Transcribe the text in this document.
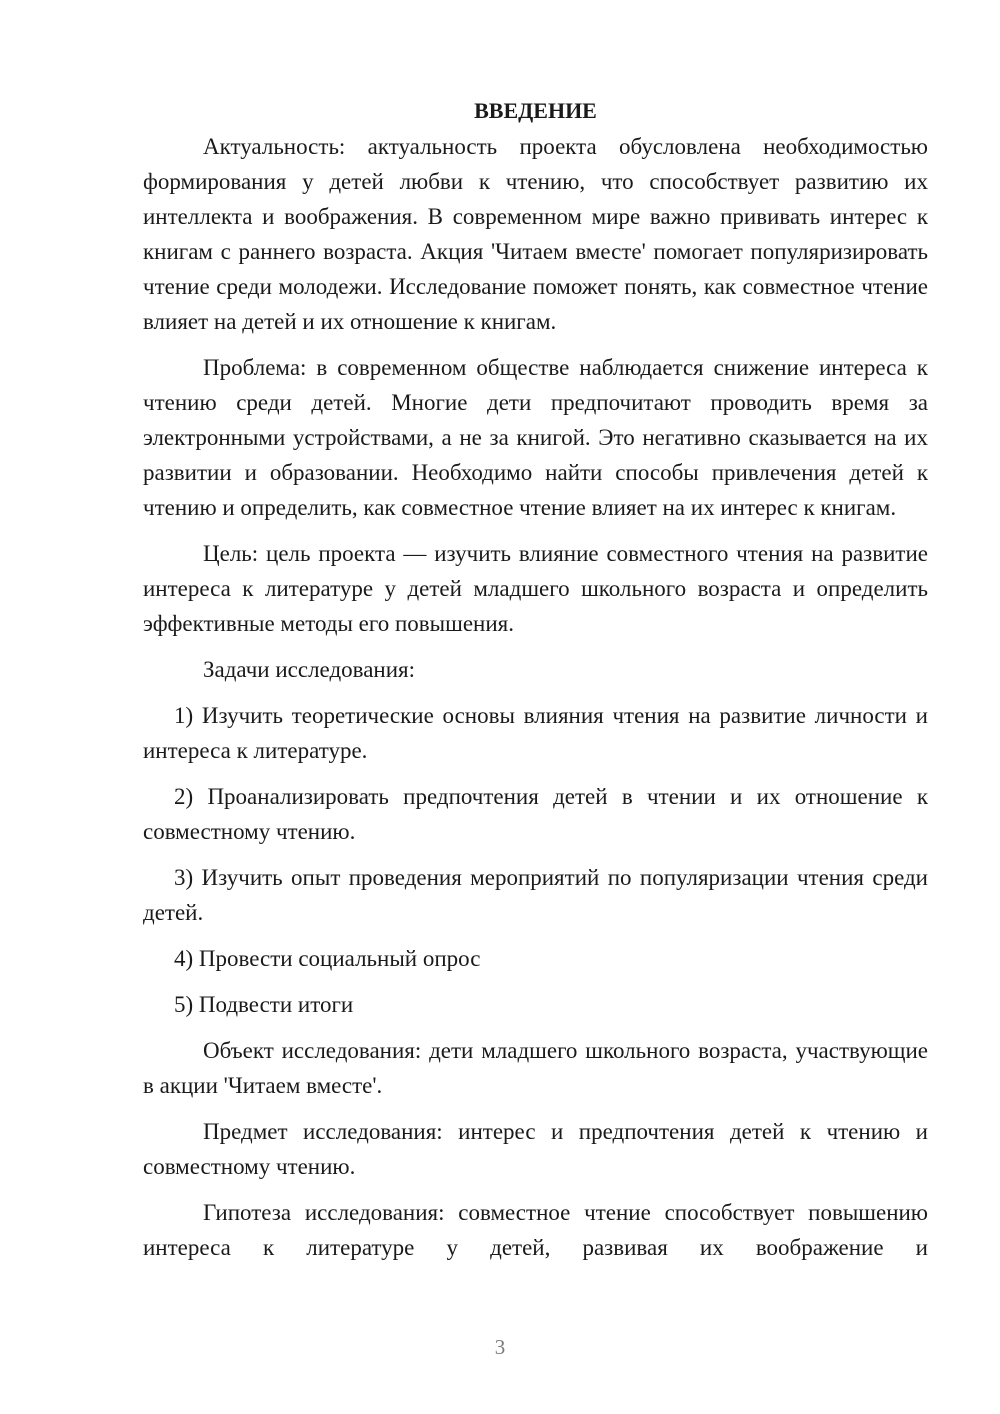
ВВЕДЕНИЕ

Актуальность: актуальность проекта обусловлена необходимостью формирования у детей любви к чтению, что способствует развитию их интеллекта и воображения. В современном мире важно прививать интерес к книгам с раннего возраста. Акция 'Читаем вместе' помогает популяризировать чтение среди молодежи. Исследование поможет понять, как совместное чтение влияет на детей и их отношение к книгам.

Проблема: в современном обществе наблюдается снижение интереса к чтению среди детей. Многие дети предпочитают проводить время за электронными устройствами, а не за книгой. Это негативно сказывается на их развитии и образовании. Необходимо найти способы привлечения детей к чтению и определить, как совместное чтение влияет на их интерес к книгам.

Цель: цель проекта — изучить влияние совместного чтения на развитие интереса к литературе у детей младшего школьного возраста и определить эффективные методы его повышения.

Задачи исследования:

1) Изучить теоретические основы влияния чтения на развитие личности и интереса к литературе.

2) Проанализировать предпочтения детей в чтении и их отношение к совместному чтению.

3) Изучить опыт проведения мероприятий по популяризации чтения среди детей.

4) Провести социальный опрос

5) Подвести итоги

Объект исследования: дети младшего школьного возраста, участвующие в акции 'Читаем вместе'.

Предмет исследования: интерес и предпочтения детей к чтению и совместному чтению.

Гипотеза исследования: совместное чтение способствует повышению интереса к литературе у детей, развивая их воображение и

3
